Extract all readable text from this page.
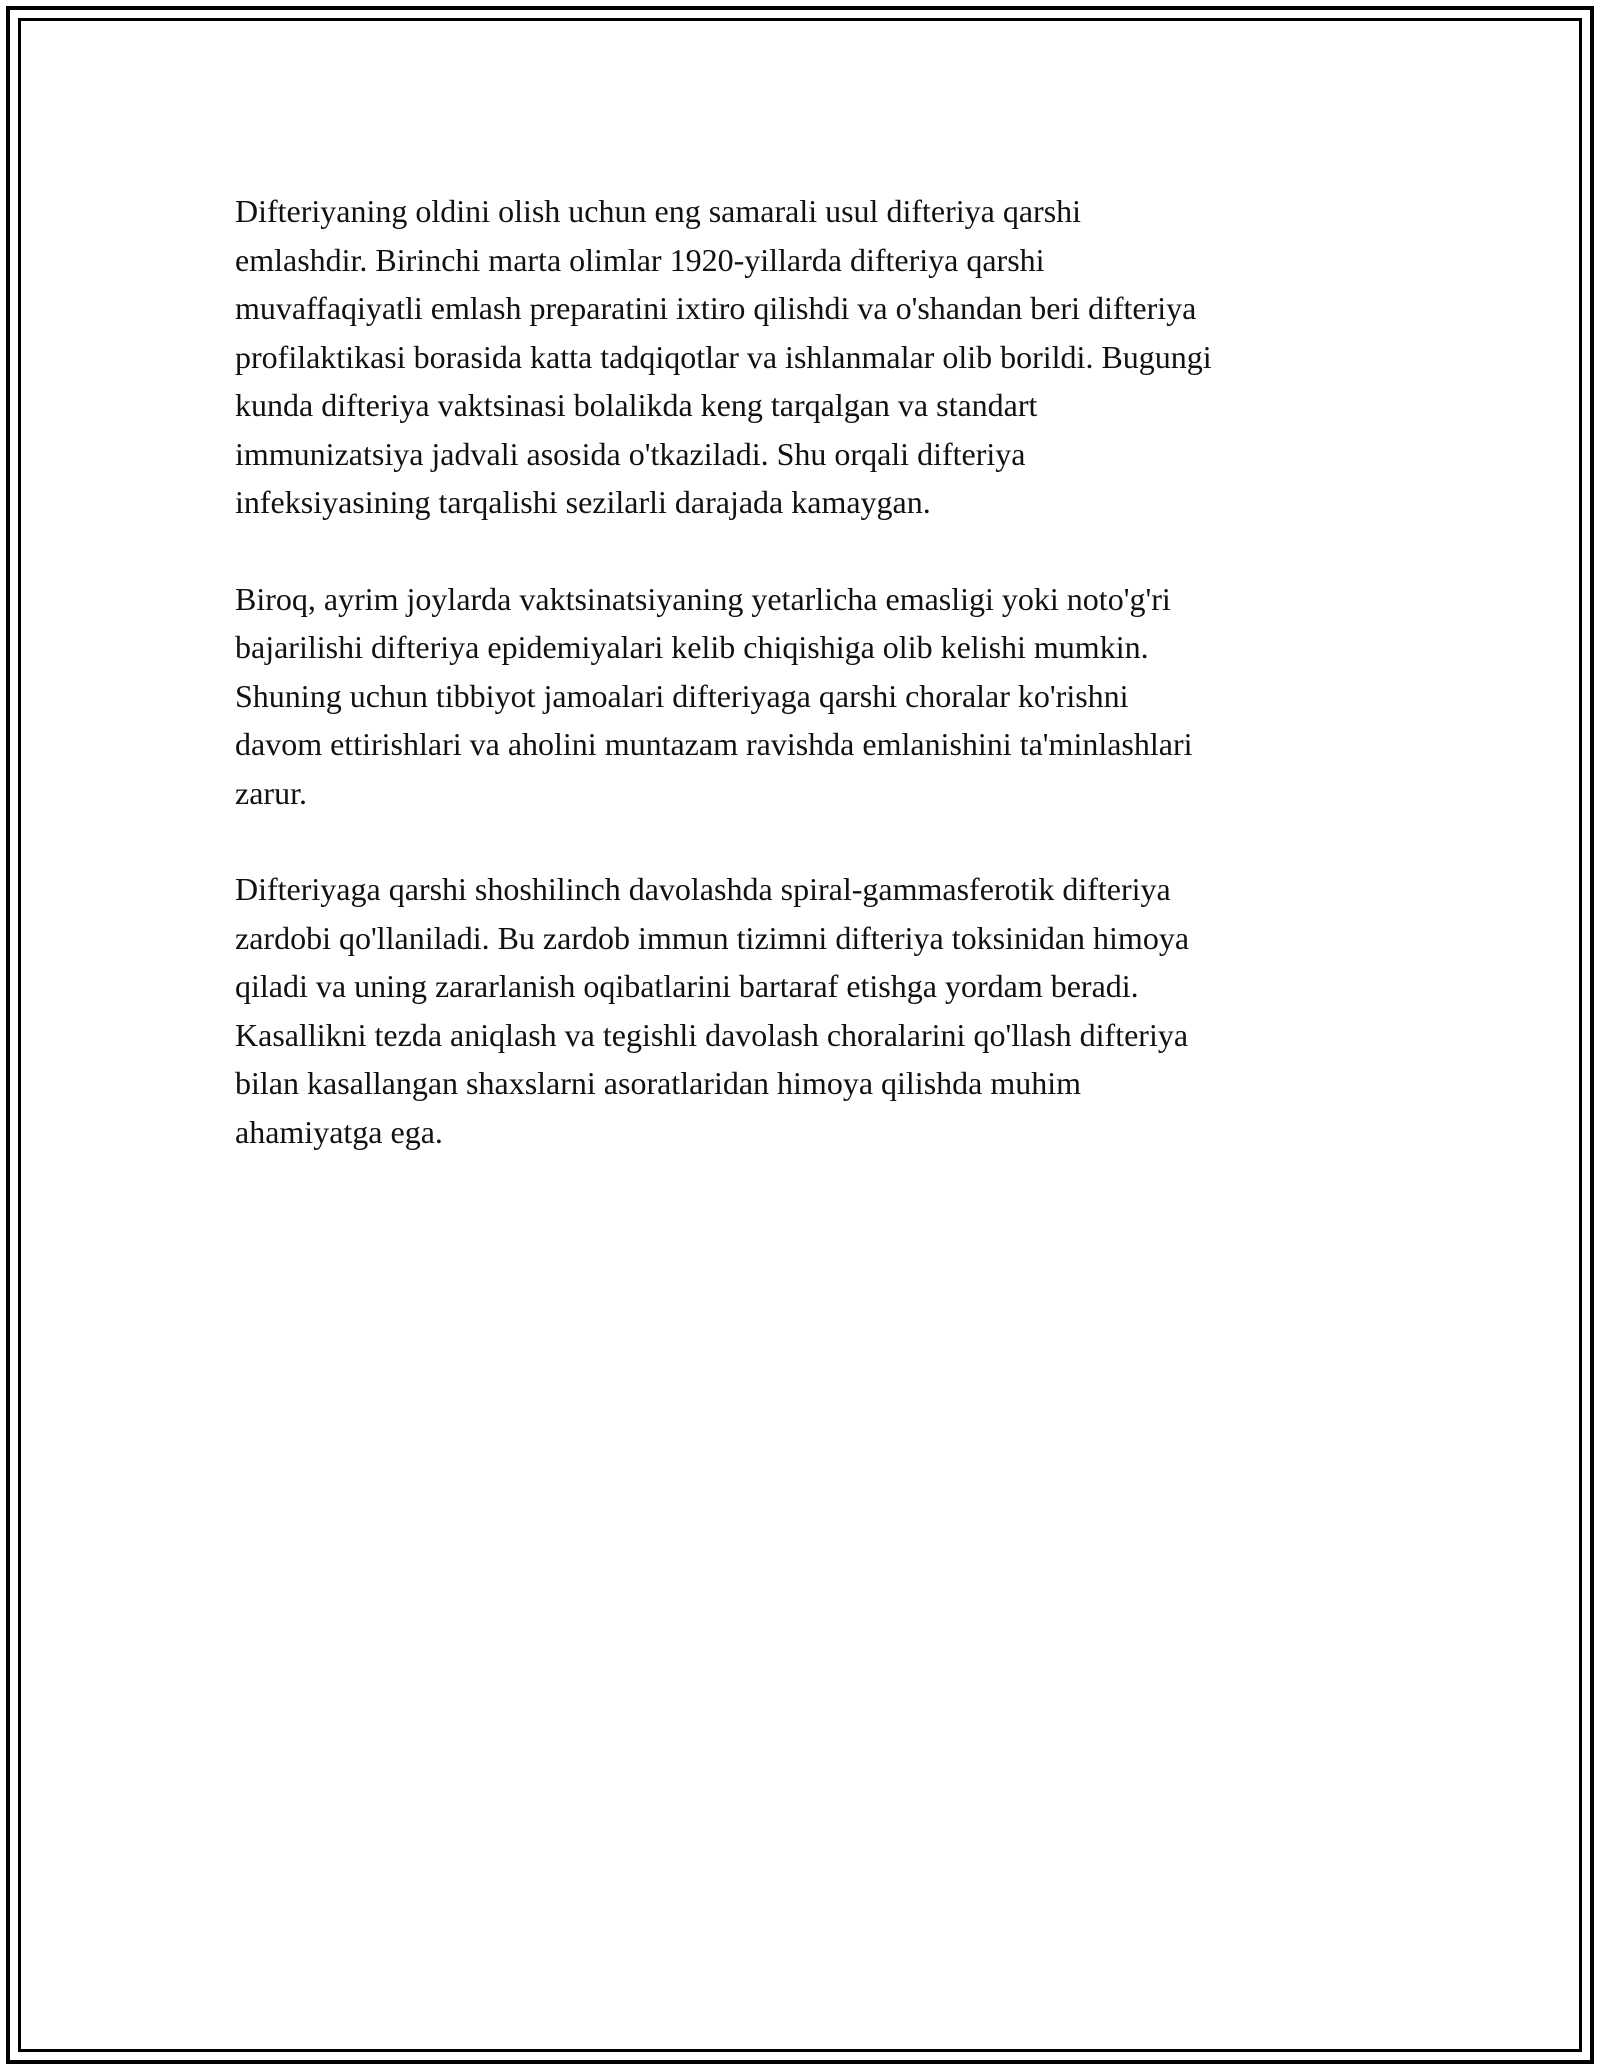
Difteriyaning oldini olish uchun eng samarali usul difteriya qarshi
emlashdir. Birinchi marta olimlar 1920-yillarda difteriya qarshi
muvaffaqiyatli emlash preparatini ixtiro qilishdi va o'shandan beri difteriya
profilaktikasi borasida katta tadqiqotlar va ishlanmalar olib borildi. Bugungi
kunda difteriya vaktsinasi bolalikda keng tarqalgan va standart
immunizatsiya jadvali asosida o'tkaziladi. Shu orqali difteriya
infeksiyasining tarqalishi sezilarli darajada kamaygan.

Biroq, ayrim joylarda vaktsinatsiyaning yetarlicha emasligi yoki noto'g'ri
bajarilishi difteriya epidemiyalari kelib chiqishiga olib kelishi mumkin.
Shuning uchun tibbiyot jamoalari difteriyaga qarshi choralar ko'rishni
davom ettirishlari va aholini muntazam ravishda emlanishini ta'minlashlari
zarur.

Difteriyaga qarshi shoshilinch davolashda spiral-gammasferotik difteriya
zardobi qo'llaniladi. Bu zardob immun tizimni difteriya toksinidan himoya
qiladi va uning zararlanish oqibatlarini bartaraf etishga yordam beradi.
Kasallikni tezda aniqlash va tegishli davolash choralarini qo'llash difteriya
bilan kasallangan shaxslarni asoratlaridan himoya qilishda muhim
ahamiyatga ega.
